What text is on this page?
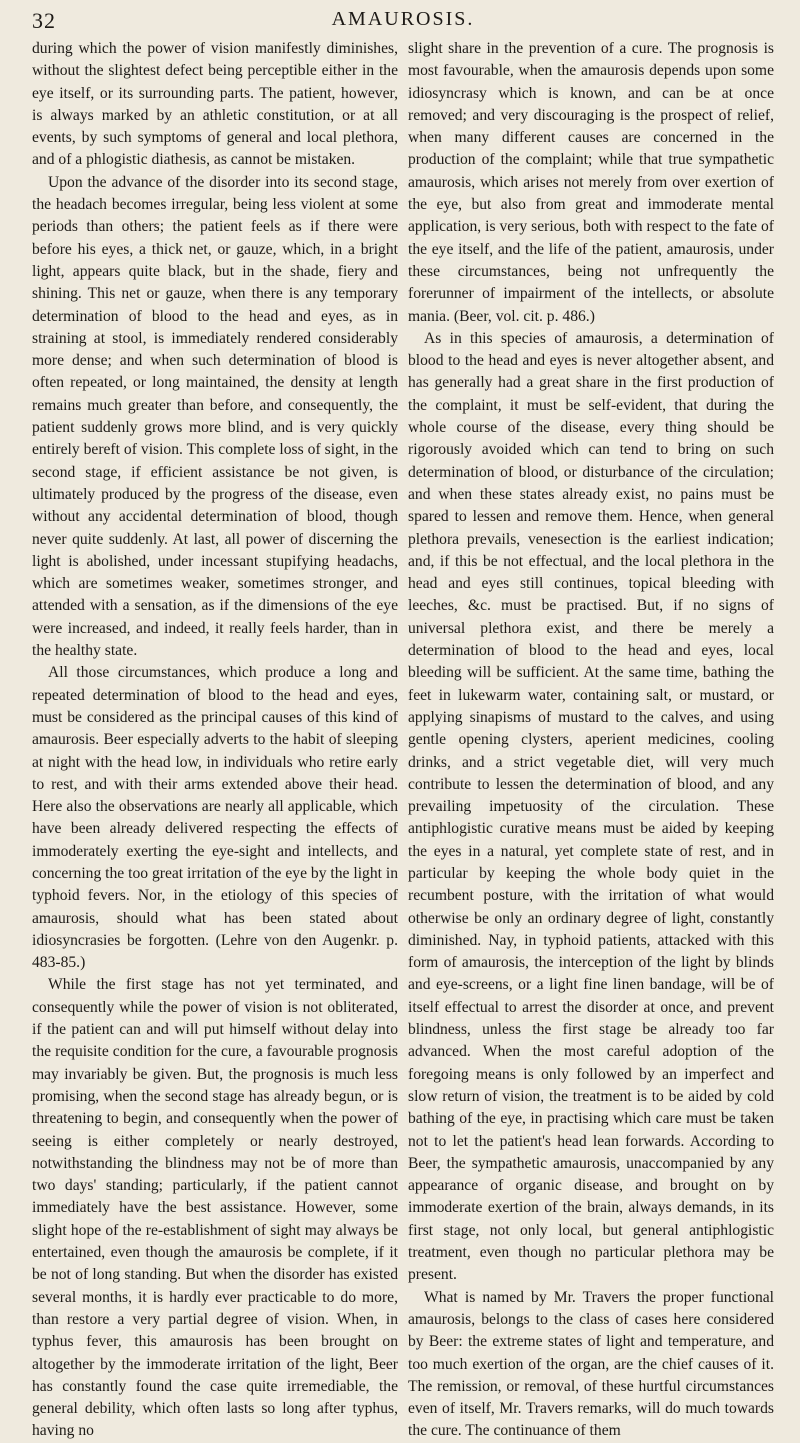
32	AMAUROSIS.

during which the power of vision manifestly diminishes, without the slightest defect being perceptible either in the eye itself, or its surrounding parts. The patient, however, is always marked by an athletic constitution, or at all events, by such symptoms of general and local plethora, and of a phlogistic diathesis, as cannot be mistaken.

Upon the advance of the disorder into its second stage, the headach becomes irregular, being less violent at some periods than others; the patient feels as if there were before his eyes, a thick net, or gauze, which, in a bright light, appears quite black, but in the shade, fiery and shining. This net or gauze, when there is any temporary determination of blood to the head and eyes, as in straining at stool, is immediately rendered considerably more dense; and when such determination of blood is often repeated, or long maintained, the density at length remains much greater than before, and consequently, the patient suddenly grows more blind, and is very quickly entirely bereft of vision. This complete loss of sight, in the second stage, if efficient assistance be not given, is ultimately produced by the progress of the disease, even without any accidental determination of blood, though never quite suddenly. At last, all power of discerning the light is abolished, under incessant stupifying headachs, which are sometimes weaker, sometimes stronger, and attended with a sensation, as if the dimensions of the eye were increased, and indeed, it really feels harder, than in the healthy state.

All those circumstances, which produce a long and repeated determination of blood to the head and eyes, must be considered as the principal causes of this kind of amaurosis. Beer especially adverts to the habit of sleeping at night with the head low, in individuals who retire early to rest, and with their arms extended above their head. Here also the observations are nearly all applicable, which have been already delivered respecting the effects of immoderately exerting the eye-sight and intellects, and concerning the too great irritation of the eye by the light in typhoid fevers. Nor, in the etiology of this species of amaurosis, should what has been stated about idiosyncrasies be forgotten. (Lehre von den Augenkr. p. 483-85.)

While the first stage has not yet terminated, and consequently while the power of vision is not obliterated, if the patient can and will put himself without delay into the requisite condition for the cure, a favourable prognosis may invariably be given. But, the prognosis is much less promising, when the second stage has already begun, or is threatening to begin, and consequently when the power of seeing is either completely or nearly destroyed, notwithstanding the blindness may not be of more than two days' standing; particularly, if the patient cannot immediately have the best assistance. However, some slight hope of the re-establishment of sight may always be entertained, even though the amaurosis be complete, if it be not of long standing. But when the disorder has existed several months, it is hardly ever practicable to do more, than restore a very partial degree of vision. When, in typhus fever, this amaurosis has been brought on altogether by the immoderate irritation of the light, Beer has constantly found the case quite irremediable, the general debility, which often lasts so long after typhus, having no

slight share in the prevention of a cure. The prognosis is most favourable, when the amaurosis depends upon some idiosyncrasy which is known, and can be at once removed; and very discouraging is the prospect of relief, when many different causes are concerned in the production of the complaint; while that true sympathetic amaurosis, which arises not merely from over exertion of the eye, but also from great and immoderate mental application, is very serious, both with respect to the fate of the eye itself, and the life of the patient, amaurosis, under these circumstances, being not unfrequently the forerunner of impairment of the intellects, or absolute mania. (Beer, vol. cit. p. 486.)

As in this species of amaurosis, a determination of blood to the head and eyes is never altogether absent, and has generally had a great share in the first production of the complaint, it must be self-evident, that during the whole course of the disease, every thing should be rigorously avoided which can tend to bring on such determination of blood, or disturbance of the circulation; and when these states already exist, no pains must be spared to lessen and remove them. Hence, when general plethora prevails, venesection is the earliest indication; and, if this be not effectual, and the local plethora in the head and eyes still continues, topical bleeding with leeches, &c. must be practised. But, if no signs of universal plethora exist, and there be merely a determination of blood to the head and eyes, local bleeding will be sufficient. At the same time, bathing the feet in lukewarm water, containing salt, or mustard, or applying sinapisms of mustard to the calves, and using gentle opening clysters, aperient medicines, cooling drinks, and a strict vegetable diet, will very much contribute to lessen the determination of blood, and any prevailing impetuosity of the circulation. These antiphlogistic curative means must be aided by keeping the eyes in a natural, yet complete state of rest, and in particular by keeping the whole body quiet in the recumbent posture, with the irritation of what would otherwise be only an ordinary degree of light, constantly diminished. Nay, in typhoid patients, attacked with this form of amaurosis, the interception of the light by blinds and eye-screens, or a light fine linen bandage, will be of itself effectual to arrest the disorder at once, and prevent blindness, unless the first stage be already too far advanced. When the most careful adoption of the foregoing means is only followed by an imperfect and slow return of vision, the treatment is to be aided by cold bathing of the eye, in practising which care must be taken not to let the patient's head lean forwards. According to Beer, the sympathetic amaurosis, unaccompanied by any appearance of organic disease, and brought on by immoderate exertion of the brain, always demands, in its first stage, not only local, but general antiphlogistic treatment, even though no particular plethora may be present.

What is named by Mr. Travers the proper functional amaurosis, belongs to the class of cases here considered by Beer: the extreme states of light and temperature, and too much exertion of the organ, are the chief causes of it. The remission, or removal, of these hurtful circumstances even of itself, Mr. Travers remarks, will do much towards the cure. The continuance of them
